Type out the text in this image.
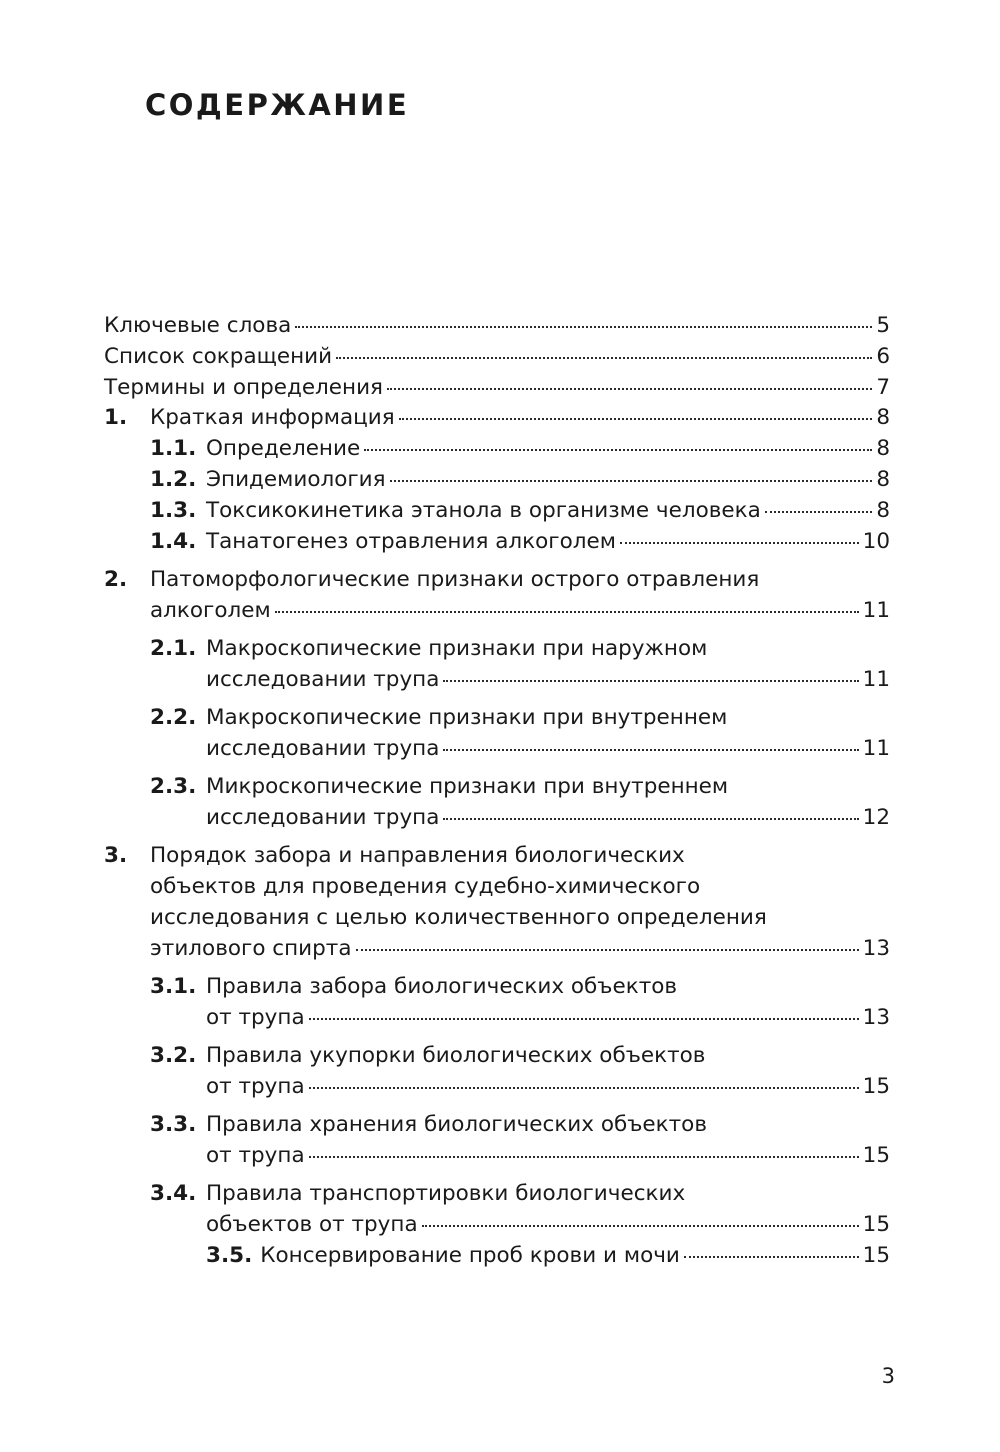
СОДЕРЖАНИЕ
Ключевые слова	5
Список сокращений	6
Термины и определения	7
1. Краткая информация	8
1.1. Определение	8
1.2. Эпидемиология	8
1.3. Токсикокинетика этанола в организме человека	8
1.4. Танатогенез отравления алкоголем	10
2. Патоморфологические признаки острого отравления
алкоголем	11
2.1. Макроскопические признаки при наружном
исследовании трупа	11
2.2. Макроскопические признаки при внутреннем
исследовании трупа	11
2.3. Микроскопические признаки при внутреннем
исследовании трупа	12
3. Порядок забора и направления биологических
объектов для проведения судебно-химического
исследования с целью количественного определения
этилового спирта	13
3.1. Правила забора биологических объектов
от трупа	13
3.2. Правила укупорки биологических объектов
от трупа	15
3.3. Правила хранения биологических объектов
от трупа	15
3.4. Правила транспортировки биологических
объектов от трупа	15
3.5. Консервирование проб крови и мочи	15
3
